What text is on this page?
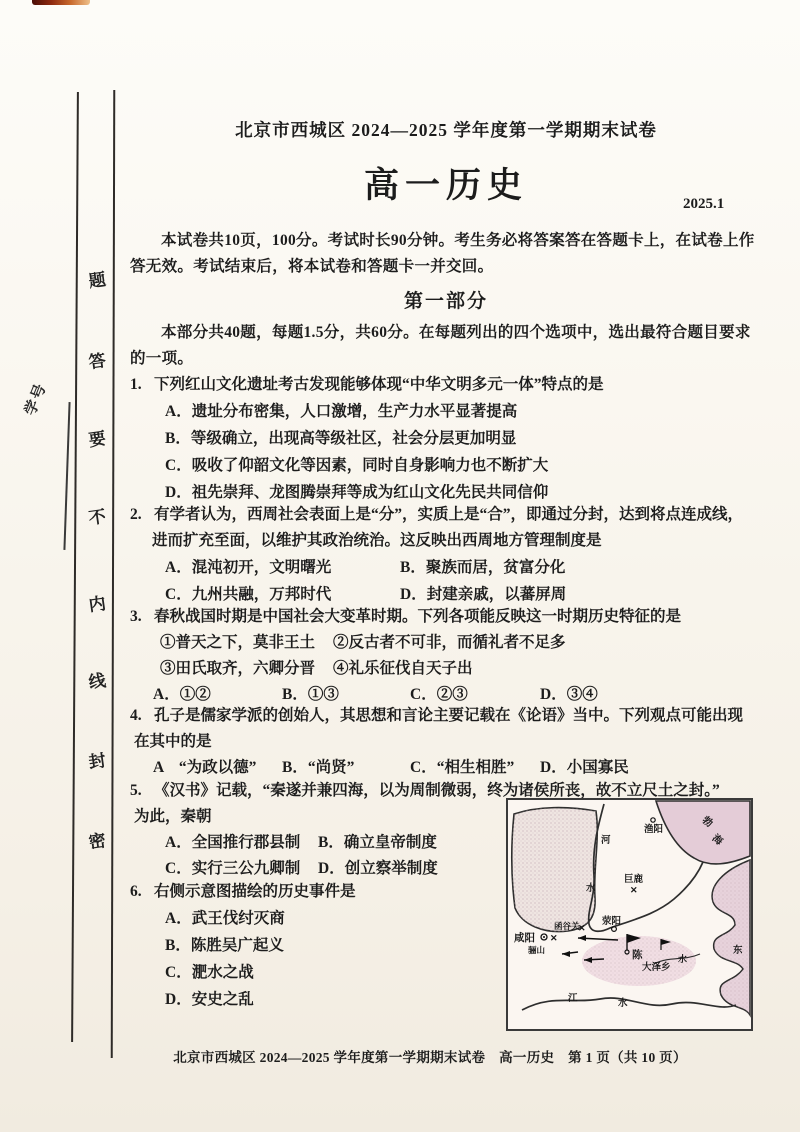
学号
题
答
要
不
内
线
封
密
北京市西城区 2024—2025 学年度第一学期期末试卷
高一历史	2025.1
本试卷共10页，100分。考试时长90分钟。考生务必将答案答在答题卡上，在试卷上作
答无效。考试结束后，将本试卷和答题卡一并交回。
第一部分
本部分共40题，每题1.5分，共60分。在每题列出的四个选项中，选出最符合题目要求
的一项。
1. 下列红山文化遗址考古发现能够体现“中华文明多元一体”特点的是
A．遗址分布密集，人口激增，生产力水平显著提高
B．等级确立，出现高等级社区，社会分层更加明显
C．吸收了仰韶文化等因素，同时自身影响力也不断扩大
D．祖先崇拜、龙图腾崇拜等成为红山文化先民共同信仰
2. 有学者认为，西周社会表面上是“分”，实质上是“合”，即通过分封，达到将点连成线，
进而扩充至面，以维护其政治统治。这反映出西周地方管理制度是
A．混沌初开，文明曙光	B．聚族而居，贫富分化
C．九州共融，万邦时代	D．封建亲戚，以蕃屏周
3. 春秋战国时期是中国社会大变革时期。下列各项能反映这一时期历史特征的是
①普天之下，莫非王土 ②反古者不可非，而循礼者不足多
③田氏取齐，六卿分晋 ④礼乐征伐自天子出
A．①②	B．①③	C．②③	D．③④
4. 孔子是儒家学派的创始人，其思想和言论主要记载在《论语》当中。下列观点可能出现
在其中的是
A　“为政以德” B．“尚贤”	C．“相生相胜” D．小国寡民
5. 《汉书》记载，“秦遂并兼四海，以为周制微弱，终为诸侯所丧，故不立尺土之封。”
为此，秦朝
A．全国推行郡县制 B．确立皇帝制度
C．实行三公九卿制 D．创立察举制度
6. 右侧示意图描绘的历史事件是
A．武王伐纣灭商
B．陈胜吴广起义
C．淝水之战
D．安史之乱
✕
✕
✕
渔阳
勃
海
河
水
巨鹿
荥阳
函谷关
咸阳
骊山	陈
大泽乡
水
东
江	水
北京市西城区 2024—2025 学年度第一学期期末试卷　高一历史　第 1 页（共 10 页）
